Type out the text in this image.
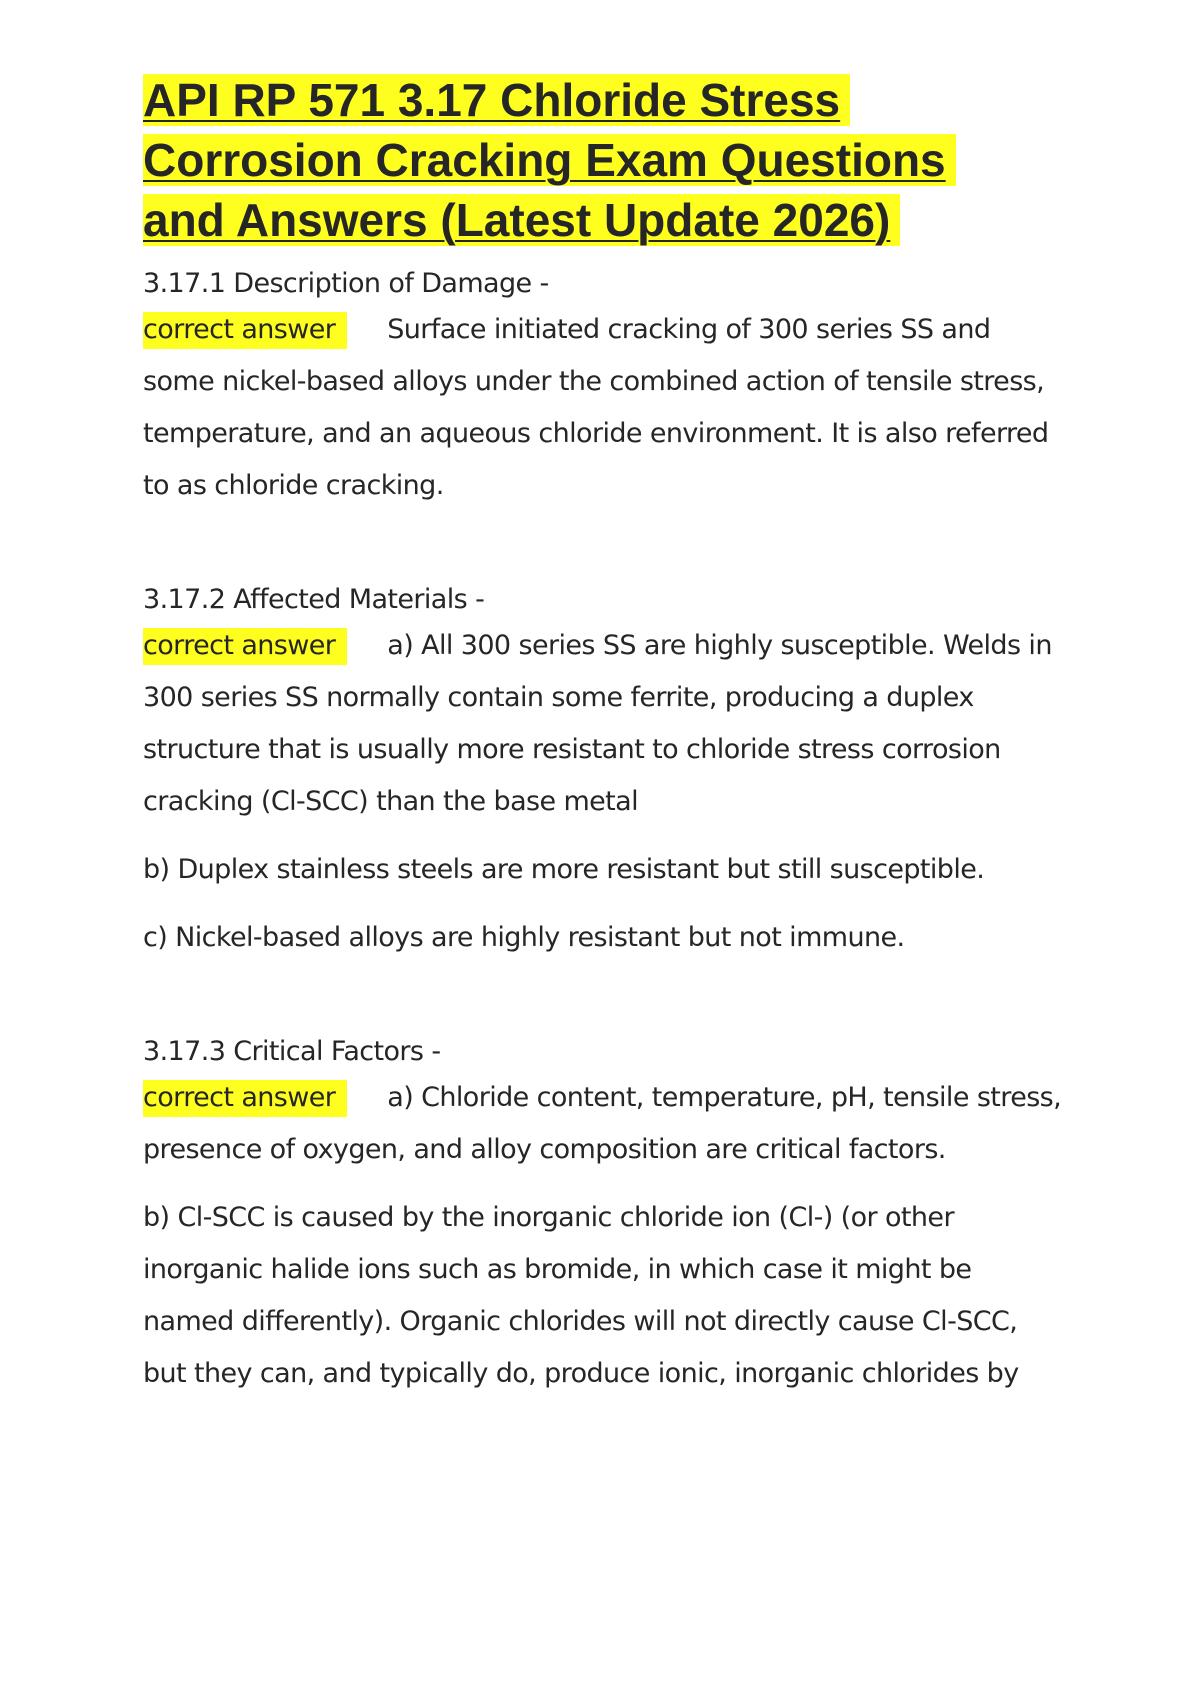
API RP 571 3.17 Chloride Stress
Corrosion Cracking Exam Questions
and Answers (Latest Update 2026)

3.17.1 Description of Damage -

correct answer Surface initiated cracking of 300 series SS and some nickel-based alloys under the combined action of tensile stress, temperature, and an aqueous chloride environment. It is also referred to as chloride cracking.

3.17.2 Affected Materials -

correct answer a) All 300 series SS are highly susceptible. Welds in 300 series SS normally contain some ferrite, producing a duplex structure that is usually more resistant to chloride stress corrosion cracking (Cl-SCC) than the base metal

b) Duplex stainless steels are more resistant but still susceptible.

c) Nickel-based alloys are highly resistant but not immune.

3.17.3 Critical Factors -

correct answer a) Chloride content, temperature, pH, tensile stress, presence of oxygen, and alloy composition are critical factors.

b) Cl-SCC is caused by the inorganic chloride ion (Cl-) (or other inorganic halide ions such as bromide, in which case it might be named differently). Organic chlorides will not directly cause Cl-SCC, but they can, and typically do, produce ionic, inorganic chlorides by
